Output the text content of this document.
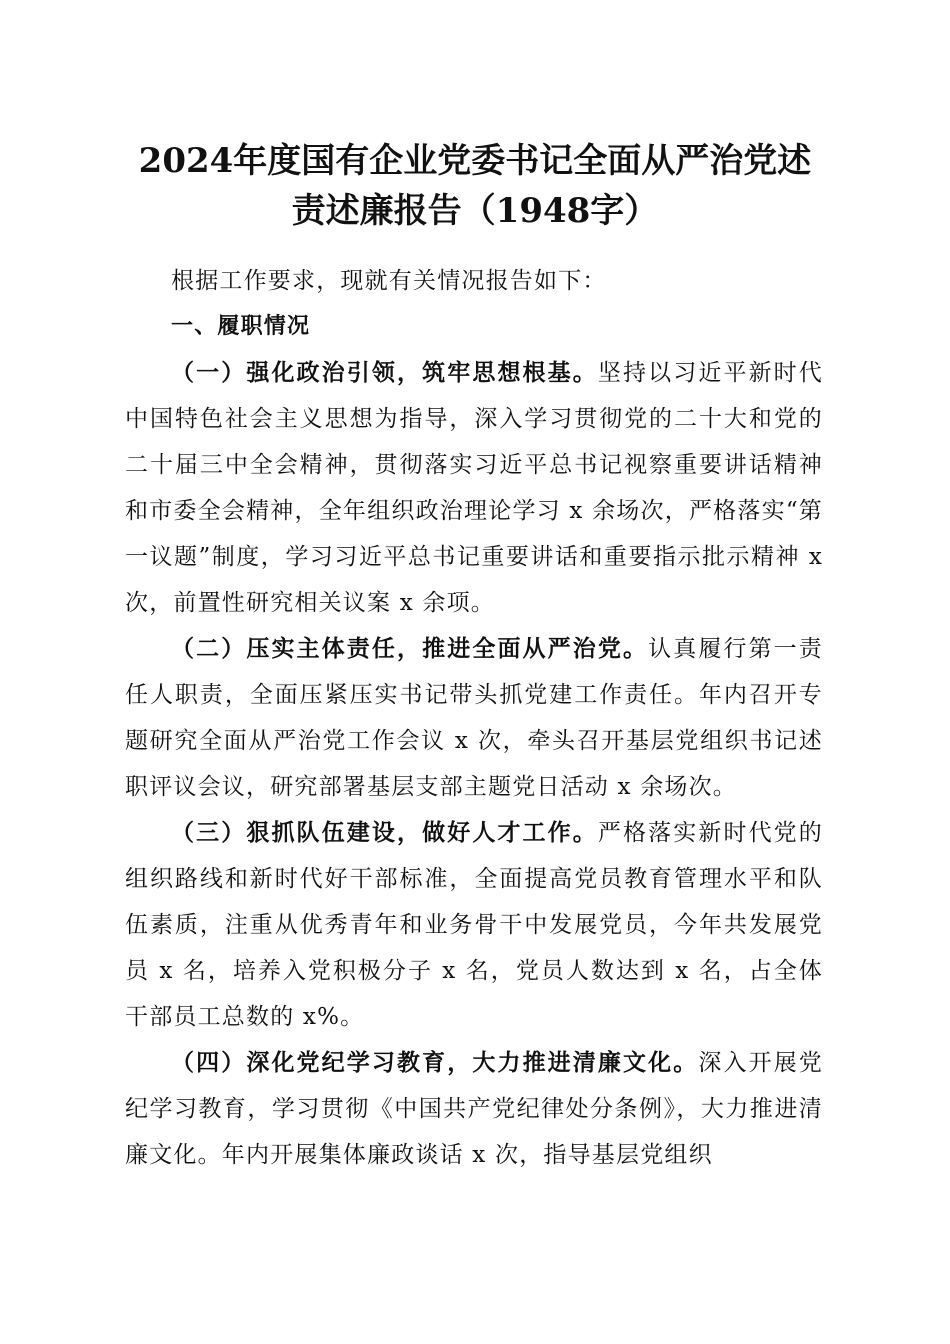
2024年度国有企业党委书记全面从严治党述
责述廉报告（1948字）

根据工作要求，现就有关情况报告如下：

一、履职情况

（一）强化政治引领，筑牢思想根基。坚持以习近平新时代中国特色社会主义思想为指导，深入学习贯彻党的二十大和党的二十届三中全会精神，贯彻落实习近平总书记视察重要讲话精神和市委全会精神，全年组织政治理论学习 x 余场次，严格落实“第一议题”制度，学习习近平总书记重要讲话和重要指示批示精神 x 次，前置性研究相关议案 x 余项。

（二）压实主体责任，推进全面从严治党。认真履行第一责任人职责，全面压紧压实书记带头抓党建工作责任。年内召开专题研究全面从严治党工作会议 x 次，牵头召开基层党组织书记述职评议会议，研究部署基层支部主题党日活动 x 余场次。

（三）狠抓队伍建设，做好人才工作。严格落实新时代党的组织路线和新时代好干部标准，全面提高党员教育管理水平和队伍素质，注重从优秀青年和业务骨干中发展党员，今年共发展党员 x 名，培养入党积极分子 x 名，党员人数达到 x 名，占全体干部员工总数的 x%。

（四）深化党纪学习教育，大力推进清廉文化。深入开展党纪学习教育，学习贯彻《中国共产党纪律处分条例》，大力推进清廉文化。年内开展集体廉政谈话 x 次，指导基层党组织
